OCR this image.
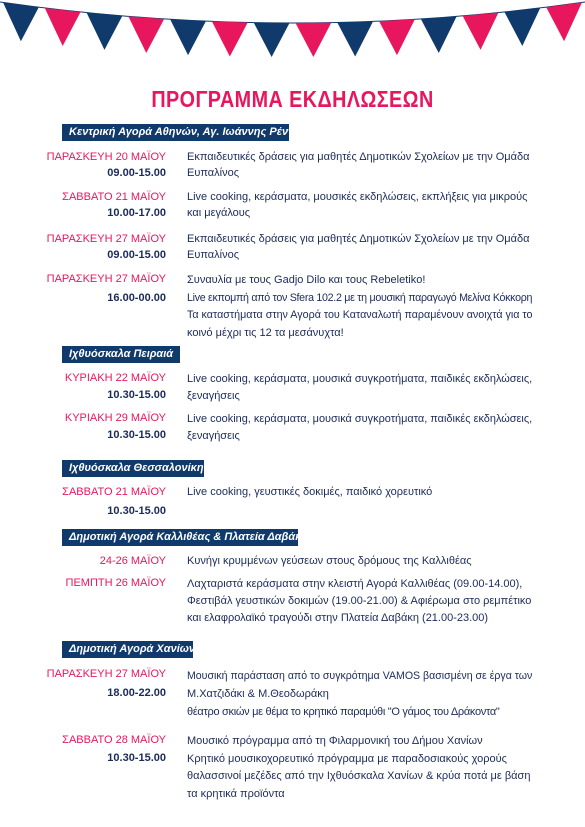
ΠΡΟΓΡΑΜΜΑ ΕΚΔΗΛΩΣΕΩΝ
Κεντρική Αγορά Αθηνών, Αγ. Ιωάννης Ρέντη
ΠΑΡΑΣΚΕΥΗ 20 ΜΑΪΟΥ
09.00-15.00

Εκπαιδευτικές δράσεις για μαθητές Δημοτικών Σχολείων με την Ομάδα

Ευπαλίνος

ΣΑΒΒΑΤΟ 21 ΜΑΪΟΥ
10.00-17.00

Live cooking, κεράσματα, μουσικές εκδηλώσεις, εκπλήξεις για μικρούς

και μεγάλους

ΠΑΡΑΣΚΕΥΗ 27 ΜΑΪΟΥ
09.00-15.00

Εκπαιδευτικές δράσεις για μαθητές Δημοτικών Σχολείων με την Ομάδα

Ευπαλίνος

ΠΑΡΑΣΚΕΥΗ 27 ΜΑΪΟΥ
16.00-00.00

Συναυλία με τους Gadjo Dilo και τους Rebeletiko!

Live εκπομπή από τον Sfera 102.2 με τη μουσική παραγωγό Μελίνα Κόκκορη

Τα καταστήματα στην Αγορά του Καταναλωτή παραμένουν ανοιχτά για το

κοινό μέχρι τις 12 τα μεσάνυχτα!

Ιχθυόσκαλα Πειραιά
ΚΥΡΙΑΚΗ 22 ΜΑΪΟΥ
10.30-15.00

Live cooking, κεράσματα, μουσικά συγκροτήματα, παιδικές εκδηλώσεις,

ξεναγήσεις

ΚΥΡΙΑΚΗ 29 ΜΑΪΟΥ
10.30-15.00

Live cooking, κεράσματα, μουσικά συγκροτήματα, παιδικές εκδηλώσεις,

ξεναγήσεις

Ιχθυόσκαλα Θεσσαλονίκης
ΣΑΒΒΑΤΟ 21 ΜΑΪΟΥ
10.30-15.00

Live cooking, γευστικές δοκιμές, παιδικό χορευτικό

Δημοτική Αγορά Καλλιθέας & Πλατεία Δαβάκη
24-26 ΜΑΪΟΥ Κυνήγι κρυμμένων γεύσεων στους δρόμους της Καλλιθέας

ΠΕΜΠΤΗ 26 ΜΑΪΟΥ Λαχταριστά κεράσματα στην κλειστή Αγορά Καλλιθέας (09.00-14.00),

Φεστιβάλ γευστικών δοκιμών (19.00-21.00) & Αφιέρωμα στο ρεμπέτικο

και ελαφρολαϊκό τραγούδι στην Πλατεία Δαβάκη (21.00-23.00)

Δημοτική Αγορά Χανίων
ΠΑΡΑΣΚΕΥΗ 27 ΜΑΪΟΥ
18.00-22.00

Μουσική παράσταση από το συγκρότημα VAMOS βασισμένη σε έργα των

Μ.Χατζιδάκι & Μ.Θεοδωράκη

θέατρο σκιών με θέμα το κρητικό παραμύθι "Ο γάμος του Δράκοντα"

ΣΑΒΒΑΤΟ 28 ΜΑΪΟΥ
10.30-15.00

Μουσικό πρόγραμμα από τη Φιλαρμονική του Δήμου Χανίων

Κρητικό μουσικοχορευτικό πρόγραμμα με παραδοσιακούς χορούς

θαλασσινοί μεζέδες από την Ιχθυόσκαλα Χανίων & κρύα ποτά με βάση

τα κρητικά προϊόντα
